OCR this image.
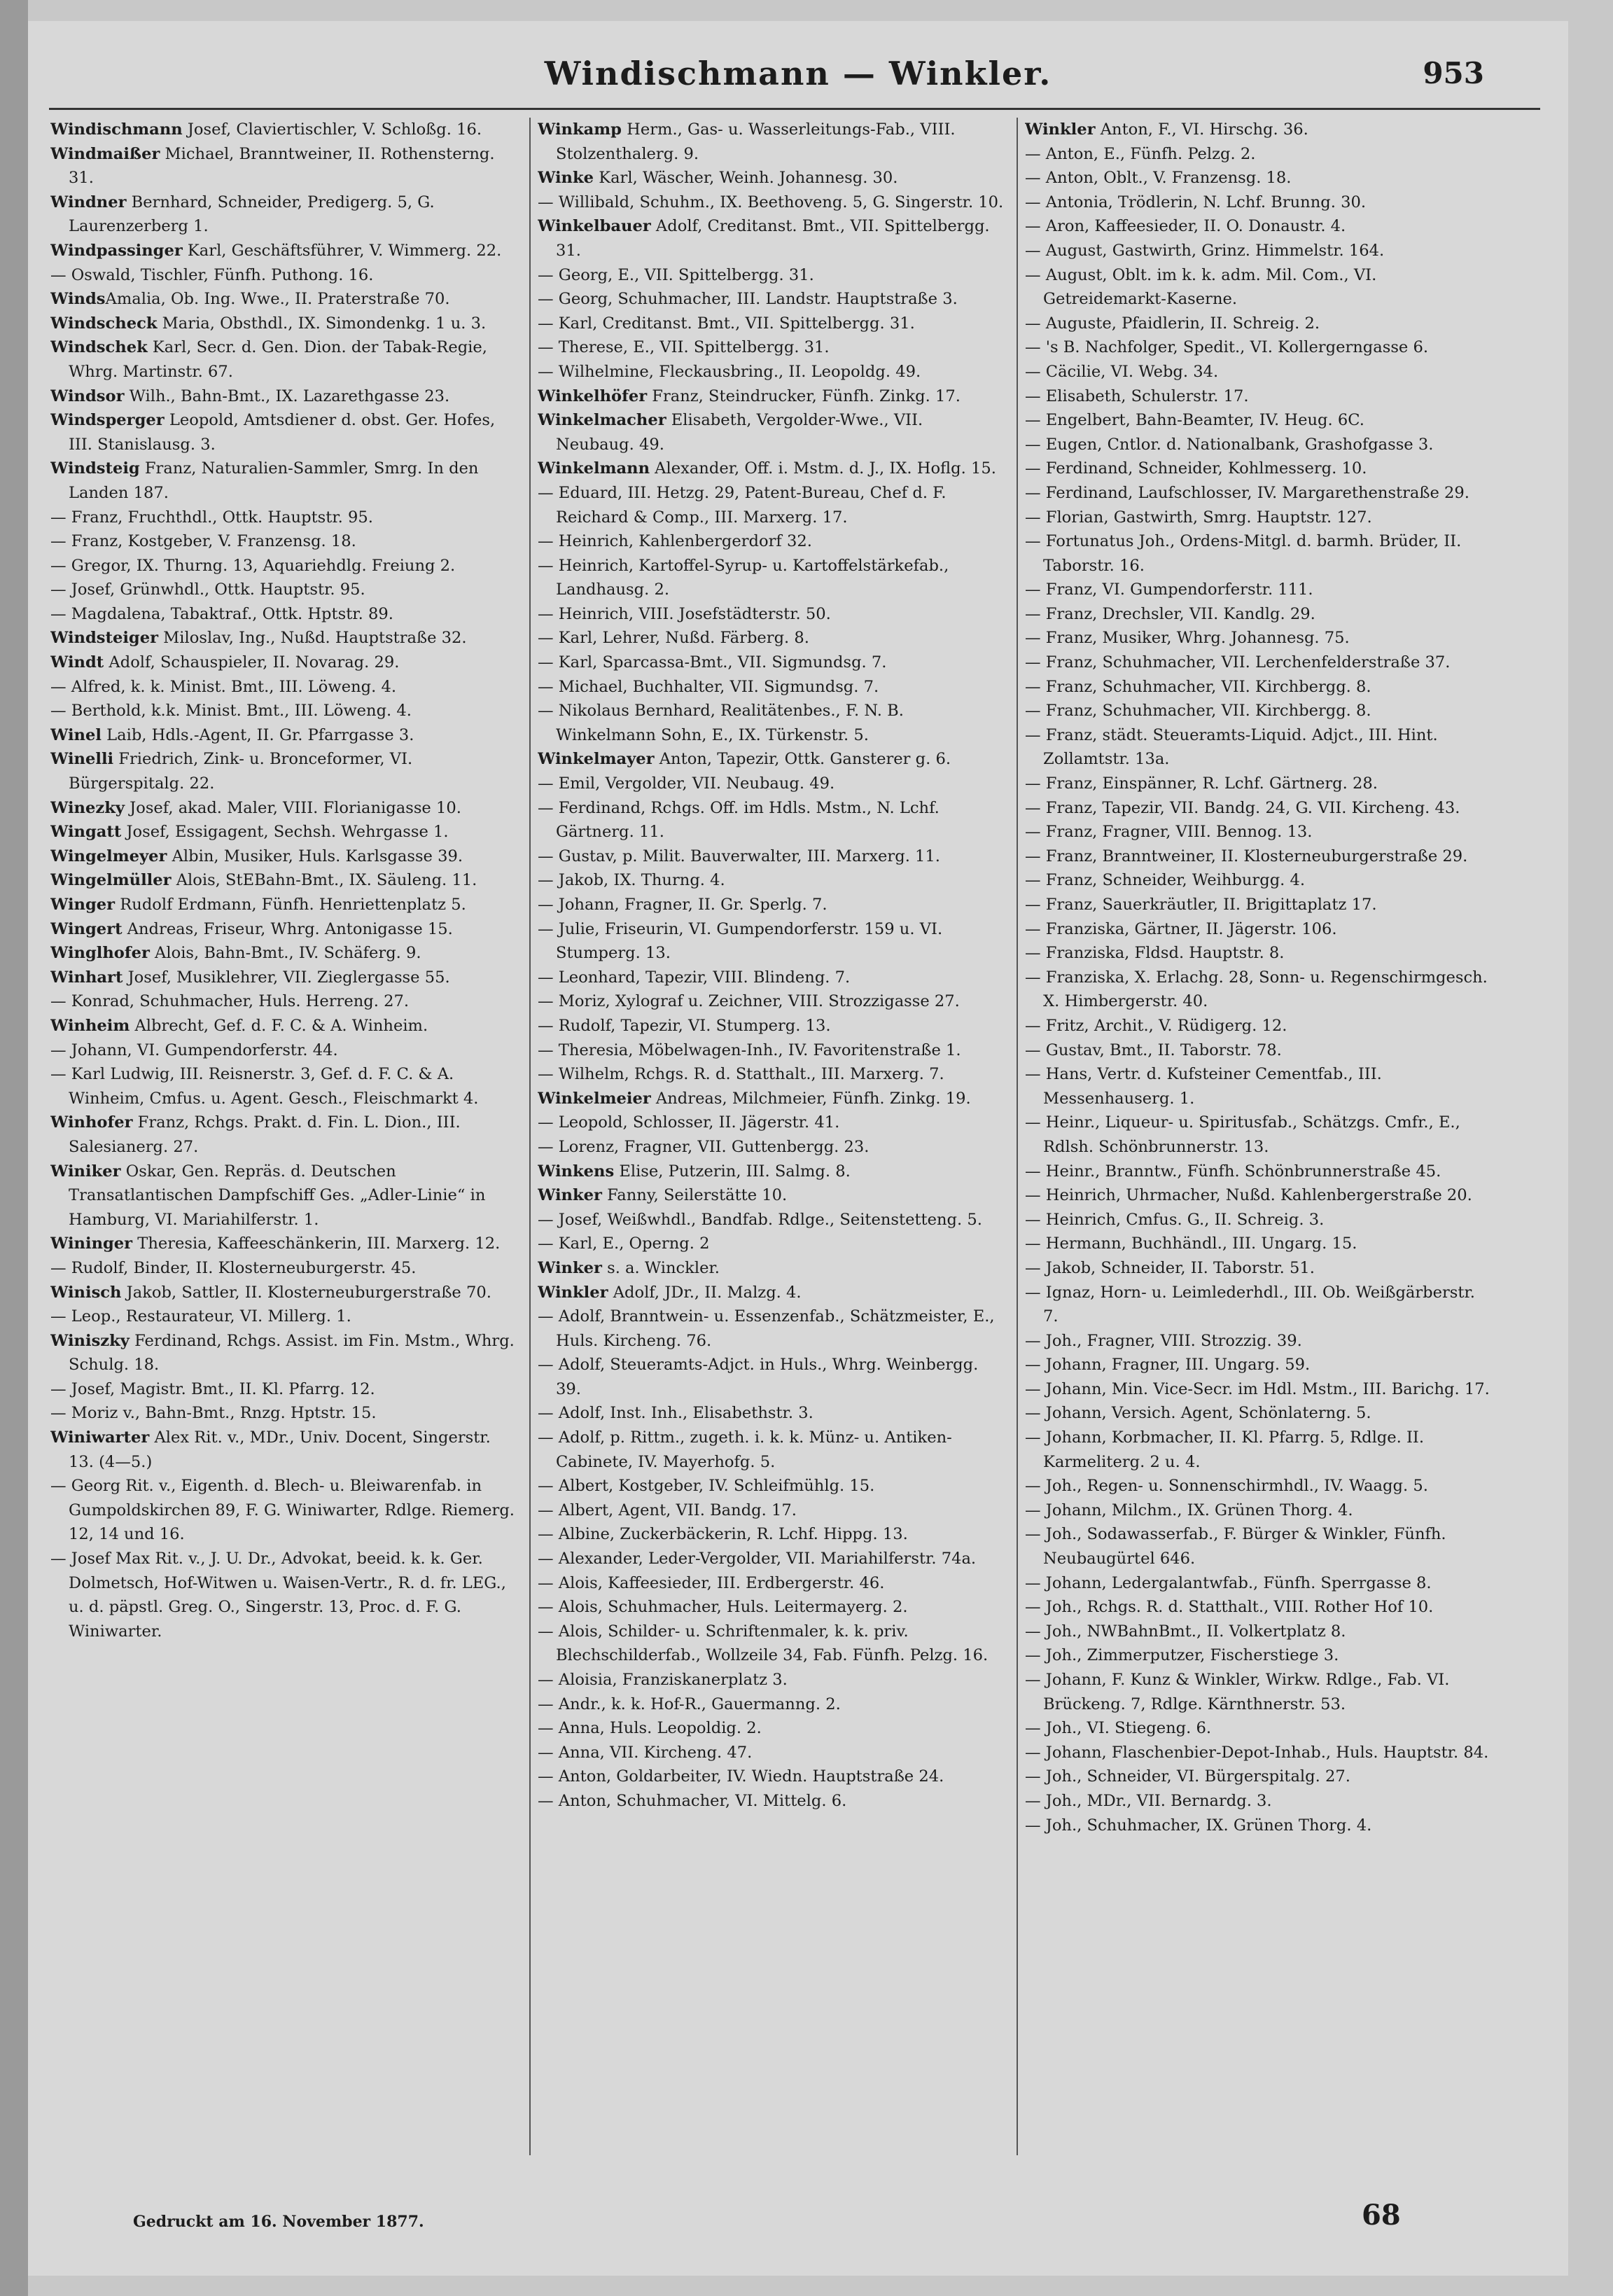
Windischmann — Winkler.	953

Windischmann Josef, Claviertischler, V. Schloßg. 16.

Windmaißer Michael, Branntweiner, II. Rothensterng. 31.

Windner Bernhard, Schneider, Predigerg. 5, G. Laurenzerberg 1.

Windpassinger Karl, Geschäftsführer, V. Wimmerg. 22.

— Oswald, Tischler, Fünfh. Puthong. 16.

WindsAmalia, Ob. Ing. Wwe., II. Praterstraße 70.

Windscheck Maria, Obsthdl., IX. Simondenkg. 1 u. 3.

Windschek Karl, Secr. d. Gen. Dion. der Tabak-Regie, Whrg. Martinstr. 67.

Windsor Wilh., Bahn-Bmt., IX. Lazarethgasse 23.

Windsperger Leopold, Amtsdiener d. obst. Ger. Hofes, III. Stanislausg. 3.

Windsteig Franz, Naturalien-Sammler, Smrg. In den Landen 187.

— Franz, Fruchthdl., Ottk. Hauptstr. 95.

— Franz, Kostgeber, V. Franzensg. 18.

— Gregor, IX. Thurng. 13, Aquariehdlg. Freiung 2.

— Josef, Grünwhdl., Ottk. Hauptstr. 95.

— Magdalena, Tabaktraf., Ottk. Hptstr. 89.

Windsteiger Miloslav, Ing., Nußd. Hauptstraße 32.

Windt Adolf, Schauspieler, II. Novarag. 29.

— Alfred, k. k. Minist. Bmt., III. Löweng. 4.

— Berthold, k.k. Minist. Bmt., III. Löweng. 4.

Winel Laib, Hdls.-Agent, II. Gr. Pfarrgasse 3.

Winelli Friedrich, Zink- u. Bronceformer, VI. Bürgerspitalg. 22.

Winezky Josef, akad. Maler, VIII. Florianigasse 10.

Wingatt Josef, Essigagent, Sechsh. Wehrgasse 1.

Wingelmeyer Albin, Musiker, Huls. Karlsgasse 39.

Wingelmüller Alois, StEBahn-Bmt., IX. Säuleng. 11.

Winger Rudolf Erdmann, Fünfh. Henriettenplatz 5.

Wingert Andreas, Friseur, Whrg. Antonigasse 15.

Winglhofer Alois, Bahn-Bmt., IV. Schäferg. 9.

Winhart Josef, Musiklehrer, VII. Zieglergasse 55.

— Konrad, Schuhmacher, Huls. Herreng. 27.

Winheim Albrecht, Gef. d. F. C. & A. Winheim.

— Johann, VI. Gumpendorferstr. 44.

— Karl Ludwig, III. Reisnerstr. 3, Gef. d. F. C. & A. Winheim, Cmfus. u. Agent. Gesch., Fleischmarkt 4.

Winhofer Franz, Rchgs. Prakt. d. Fin. L. Dion., III. Salesianerg. 27.

Winiker Oskar, Gen. Repräs. d. Deutschen Transatlantischen Dampfschiff Ges. „Adler-Linie“ in Hamburg, VI. Mariahilferstr. 1.

Wininger Theresia, Kaffeeschänkerin, III. Marxerg. 12.

— Rudolf, Binder, II. Klosterneuburgerstr. 45.

Winisch Jakob, Sattler, II. Klosterneuburgerstraße 70.

— Leop., Restaurateur, VI. Millerg. 1.

Winiszky Ferdinand, Rchgs. Assist. im Fin. Mstm., Whrg. Schulg. 18.

— Josef, Magistr. Bmt., II. Kl. Pfarrg. 12.

— Moriz v., Bahn-Bmt., Rnzg. Hptstr. 15.

Winiwarter Alex Rit. v., MDr., Univ. Docent, Singerstr. 13. (4—5.)

— Georg Rit. v., Eigenth. d. Blech- u. Bleiwarenfab. in Gumpoldskirchen 89, F. G. Winiwarter, Rdlge. Riemerg. 12, 14 und 16.

— Josef Max Rit. v., J. U. Dr., Advokat, beeid. k. k. Ger. Dolmetsch, Hof-Witwen u. Waisen-Vertr., R. d. fr. LEG., u. d. päpstl. Greg. O., Singerstr. 13, Proc. d. F. G. Winiwarter.

Winkamp Herm., Gas- u. Wasserleitungs-Fab., VIII. Stolzenthalerg. 9.

Winke Karl, Wäscher, Weinh. Johannesg. 30.

— Willibald, Schuhm., IX. Beethoveng. 5, G. Singerstr. 10.

Winkelbauer Adolf, Creditanst. Bmt., VII. Spittelbergg. 31.

— Georg, E., VII. Spittelbergg. 31.

— Georg, Schuhmacher, III. Landstr. Hauptstraße 3.

— Karl, Creditanst. Bmt., VII. Spittelbergg. 31.

— Therese, E., VII. Spittelbergg. 31.

— Wilhelmine, Fleckausbring., II. Leopoldg. 49.

Winkelhöfer Franz, Steindrucker, Fünfh. Zinkg. 17.

Winkelmacher Elisabeth, Vergolder-Wwe., VII. Neubaug. 49.

Winkelmann Alexander, Off. i. Mstm. d. J., IX. Hoflg. 15.

— Eduard, III. Hetzg. 29, Patent-Bureau, Chef d. F. Reichard & Comp., III. Marxerg. 17.

— Heinrich, Kahlenbergerdorf 32.

— Heinrich, Kartoffel-Syrup- u. Kartoffelstärkefab., Landhausg. 2.

— Heinrich, VIII. Josefstädterstr. 50.

— Karl, Lehrer, Nußd. Färberg. 8.

— Karl, Sparcassa-Bmt., VII. Sigmundsg. 7.

— Michael, Buchhalter, VII. Sigmundsg. 7.

— Nikolaus Bernhard, Realitätenbes., F. N. B. Winkelmann Sohn, E., IX. Türkenstr. 5.

Winkelmayer Anton, Tapezir, Ottk. Gansterer g. 6.

— Emil, Vergolder, VII. Neubaug. 49.

— Ferdinand, Rchgs. Off. im Hdls. Mstm., N. Lchf. Gärtnerg. 11.

— Gustav, p. Milit. Bauverwalter, III. Marxerg. 11.

— Jakob, IX. Thurng. 4.

— Johann, Fragner, II. Gr. Sperlg. 7.

— Julie, Friseurin, VI. Gumpendorferstr. 159 u. VI. Stumperg. 13.

— Leonhard, Tapezir, VIII. Blindeng. 7.

— Moriz, Xylograf u. Zeichner, VIII. Strozzigasse 27.

— Rudolf, Tapezir, VI. Stumperg. 13.

— Theresia, Möbelwagen-Inh., IV. Favoritenstraße 1.

— Wilhelm, Rchgs. R. d. Statthalt., III. Marxerg. 7.

Winkelmeier Andreas, Milchmeier, Fünfh. Zinkg. 19.

— Leopold, Schlosser, II. Jägerstr. 41.

— Lorenz, Fragner, VII. Guttenbergg. 23.

Winkens Elise, Putzerin, III. Salmg. 8.

Winker Fanny, Seilerstätte 10.

— Josef, Weißwhdl., Bandfab. Rdlge., Seitenstetteng. 5.

— Karl, E., Operng. 2

Winker s. a. Winckler.

Winkler Adolf, JDr., II. Malzg. 4.

— Adolf, Branntwein- u. Essenzenfab., Schätzmeister, E., Huls. Kircheng. 76.

— Adolf, Steueramts-Adjct. in Huls., Whrg. Weinbergg. 39.

— Adolf, Inst. Inh., Elisabethstr. 3.

— Adolf, p. Rittm., zugeth. i. k. k. Münz- u. Antiken-Cabinete, IV. Mayerhofg. 5.

— Albert, Kostgeber, IV. Schleifmühlg. 15.

— Albert, Agent, VII. Bandg. 17.

— Albine, Zuckerbäckerin, R. Lchf. Hippg. 13.

— Alexander, Leder-Vergolder, VII. Mariahilferstr. 74a.

— Alois, Kaffeesieder, III. Erdbergerstr. 46.

— Alois, Schuhmacher, Huls. Leitermayerg. 2.

— Alois, Schilder- u. Schriftenmaler, k. k. priv. Blechschilderfab., Wollzeile 34, Fab. Fünfh. Pelzg. 16.

— Aloisia, Franziskanerplatz 3.

— Andr., k. k. Hof-R., Gauermanng. 2.

— Anna, Huls. Leopoldig. 2.

— Anna, VII. Kircheng. 47.

— Anton, Goldarbeiter, IV. Wiedn. Hauptstraße 24.

— Anton, Schuhmacher, VI. Mittelg. 6.

Winkler Anton, F., VI. Hirschg. 36.

— Anton, E., Fünfh. Pelzg. 2.

— Anton, Oblt., V. Franzensg. 18.

— Antonia, Trödlerin, N. Lchf. Brunng. 30.

— Aron, Kaffeesieder, II. O. Donaustr. 4.

— August, Gastwirth, Grinz. Himmelstr. 164.

— August, Oblt. im k. k. adm. Mil. Com., VI. Getreidemarkt-Kaserne.

— Auguste, Pfaidlerin, II. Schreig. 2.

— 's B. Nachfolger, Spedit., VI. Kollergerngasse 6.

— Cäcilie, VI. Webg. 34.

— Elisabeth, Schulerstr. 17.

— Engelbert, Bahn-Beamter, IV. Heug. 6C.

— Eugen, Cntlor. d. Nationalbank, Grashofgasse 3.

— Ferdinand, Schneider, Kohlmesserg. 10.

— Ferdinand, Laufschlosser, IV. Margarethenstraße 29.

— Florian, Gastwirth, Smrg. Hauptstr. 127.

— Fortunatus Joh., Ordens-Mitgl. d. barmh. Brüder, II. Taborstr. 16.

— Franz, VI. Gumpendorferstr. 111.

— Franz, Drechsler, VII. Kandlg. 29.

— Franz, Musiker, Whrg. Johannesg. 75.

— Franz, Schuhmacher, VII. Lerchenfelderstraße 37.

— Franz, Schuhmacher, VII. Kirchbergg. 8.

— Franz, Schuhmacher, VII. Kirchbergg. 8.

— Franz, städt. Steueramts-Liquid. Adjct., III. Hint. Zollamtstr. 13a.

— Franz, Einspänner, R. Lchf. Gärtnerg. 28.

— Franz, Tapezir, VII. Bandg. 24, G. VII. Kircheng. 43.

— Franz, Fragner, VIII. Bennog. 13.

— Franz, Branntweiner, II. Klosterneuburgerstraße 29.

— Franz, Schneider, Weihburgg. 4.

— Franz, Sauerkräutler, II. Brigittaplatz 17.

— Franziska, Gärtner, II. Jägerstr. 106.

— Franziska, Fldsd. Hauptstr. 8.

— Franziska, X. Erlachg. 28, Sonn- u. Regenschirmgesch. X. Himbergerstr. 40.

— Fritz, Archit., V. Rüdigerg. 12.

— Gustav, Bmt., II. Taborstr. 78.

— Hans, Vertr. d. Kufsteiner Cementfab., III. Messenhauserg. 1.

— Heinr., Liqueur- u. Spiritusfab., Schätzgs. Cmfr., E., Rdlsh. Schönbrunnerstr. 13.

— Heinr., Branntw., Fünfh. Schönbrunnerstraße 45.

— Heinrich, Uhrmacher, Nußd. Kahlenbergerstraße 20.

— Heinrich, Cmfus. G., II. Schreig. 3.

— Hermann, Buchhändl., III. Ungarg. 15.

— Jakob, Schneider, II. Taborstr. 51.

— Ignaz, Horn- u. Leimlederhdl., III. Ob. Weißgärberstr. 7.

— Joh., Fragner, VIII. Strozzig. 39.

— Johann, Fragner, III. Ungarg. 59.

— Johann, Min. Vice-Secr. im Hdl. Mstm., III. Barichg. 17.

— Johann, Versich. Agent, Schönlaterng. 5.

— Johann, Korbmacher, II. Kl. Pfarrg. 5, Rdlge. II. Karmeliterg. 2 u. 4.

— Joh., Regen- u. Sonnenschirmhdl., IV. Waagg. 5.

— Johann, Milchm., IX. Grünen Thorg. 4.

— Joh., Sodawasserfab., F. Bürger & Winkler, Fünfh. Neubaugürtel 646.

— Johann, Ledergalantwfab., Fünfh. Sperrgasse 8.

— Joh., Rchgs. R. d. Statthalt., VIII. Rother Hof 10.

— Joh., NWBahnBmt., II. Volkertplatz 8.

— Joh., Zimmerputzer, Fischerstiege 3.

— Johann, F. Kunz & Winkler, Wirkw. Rdlge., Fab. VI. Brückeng. 7, Rdlge. Kärnthnerstr. 53.

— Joh., VI. Stiegeng. 6.

— Johann, Flaschenbier-Depot-Inhab., Huls. Hauptstr. 84.

— Joh., Schneider, VI. Bürgerspitalg. 27.

— Joh., MDr., VII. Bernardg. 3.

— Joh., Schuhmacher, IX. Grünen Thorg. 4.

Gedruckt am 16. November 1877.	68
